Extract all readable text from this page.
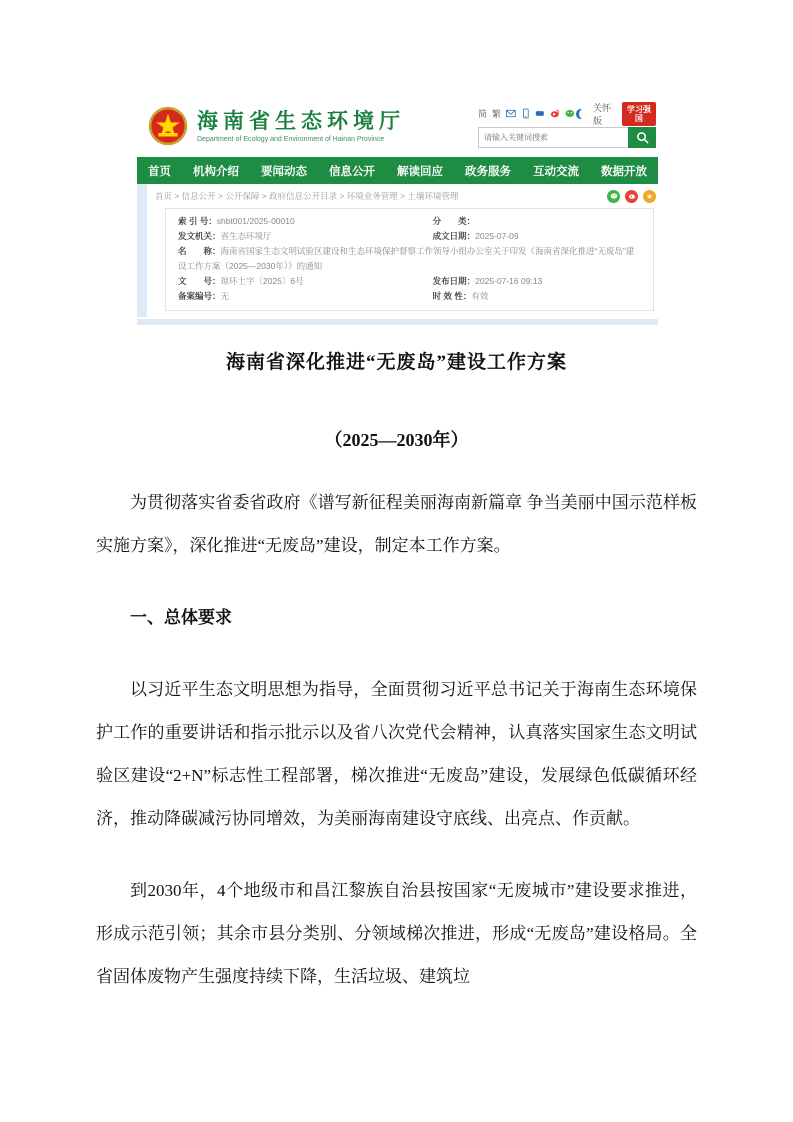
海南省生态环境厅
Department of Ecology and Environment of Hainan Province
简 繁
关怀版
学习强国
请输入关键词搜索
首页 机构介绍 要闻动态 信息公开 解读回应 政务服务 互动交流 数据开放
首页 > 信息公开 > 公开保障 > 政府信息公开目录 > 环境业务管理 > 土壤环境管理	★
索 引 号：shbt001/2025-00010	分　　类：
发文机关：省生态环境厅	成文日期：2025-07-09
名　　称：海南省国家生态文明试验区建设和生态环境保护督察工作领导小组办公室关于印发《海南省深化推进“无废岛”建设工作方案（2025—2030年）》的通知
文　　号：琼环土字〔2025〕6号	发布日期：2025-07-16 09:13
备案编号：无	时 效 性：有效
海南省深化推进“无废岛”建设工作方案
（2025—2030年）

为贯彻落实省委省政府《谱写新征程美丽海南新篇章 争当美丽中国示范样板实施方案》，深化推进“无废岛”建设，制定本工作方案。

一、总体要求

以习近平生态文明思想为指导，全面贯彻习近平总书记关于海南生态环境保护工作的重要讲话和指示批示以及省八次党代会精神，认真落实国家生态文明试验区建设“2+N”标志性工程部署，梯次推进“无废岛”建设，发展绿色低碳循环经济，推动降碳减污协同增效，为美丽海南建设守底线、出亮点、作贡献。

到2030年，4个地级市和昌江黎族自治县按国家“无废城市”建设要求推进，形成示范引领；其余市县分类别、分领域梯次推进，形成“无废岛”建设格局。全省固体废物产生强度持续下降，生活垃圾、建筑垃
